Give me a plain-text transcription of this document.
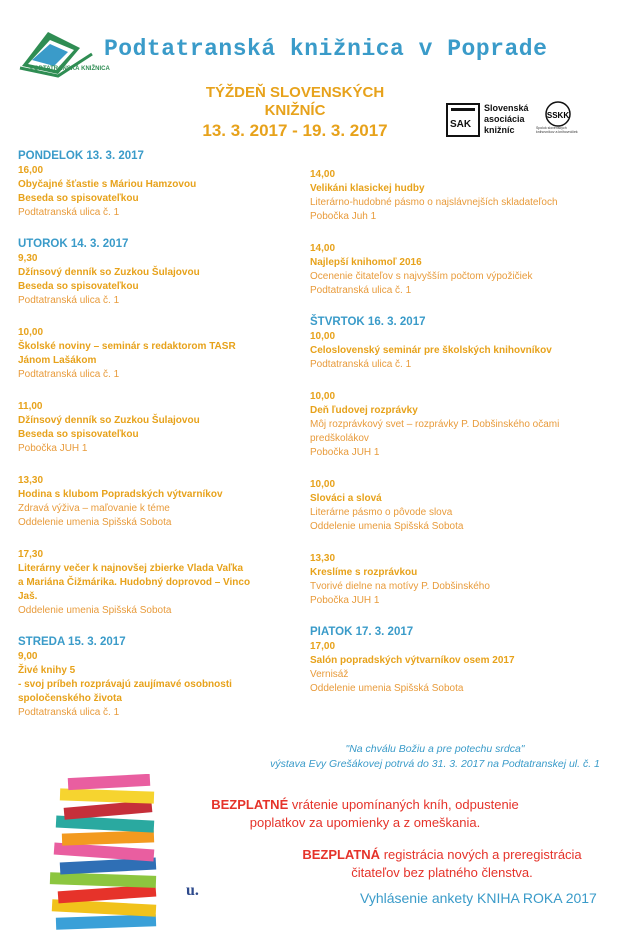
PODTATRANSKÁ KNIŽNICA
Podtatranská knižnica v Poprade
TÝŽDEŇ SLOVENSKÝCH KNIŽNÍC
13. 3. 2017 - 19. 3. 2017	SAK
Slovenská
asociácia
knižníc
SSKK
Spolok slovenských knihovníkov a knihovníčiek
PONDELOK 13. 3. 2017
16,00
Obyčajné šťastie s Máriou Hamzovou
Beseda so spisovateľkou
Podtatranská ulica č. 1
UTOROK 14. 3. 2017
9,30
Džínsový denník so Zuzkou Šulajovou
Beseda so spisovateľkou
Podtatranská ulica č. 1
10,00
Školské noviny – seminár s redaktorom TASR
Jánom Lašákom
Podtatranská ulica č. 1
11,00
Džínsový denník so Zuzkou Šulajovou
Beseda so spisovateľkou
Pobočka JUH 1
13,30
Hodina s klubom Popradských výtvarníkov
Zdravá výživa – maľovanie k téme
Oddelenie umenia Spišská Sobota
17,30
Literárny večer k najnovšej zbierke Vlada Vaľka
a Mariána Čižmárika. Hudobný doprovod – Vinco
Jaš.
Oddelenie umenia Spišská Sobota
STREDA 15. 3. 2017
9,00
Živé knihy 5
- svoj príbeh rozprávajú zaujímavé osobnosti
spoločenského života
Podtatranská ulica č. 1
14,00
Velikáni klasickej hudby
Literárno-hudobné pásmo o najslávnejších skladateľoch
Pobočka Juh 1
14,00
Najlepší knihomoľ 2016
Ocenenie čitateľov s najvyšším počtom výpožičiek
Podtatranská ulica č. 1
ŠTVRTOK 16. 3. 2017
10,00
Celoslovenský seminár pre školských knihovníkov
Podtatranská ulica č. 1
10,00
Deň ľudovej rozprávky
Môj rozprávkový svet – rozprávky P. Dobšinského očami
predškolákov
Pobočka JUH 1
10,00
Slováci a slová
Literárne pásmo o pôvode slova
Oddelenie umenia Spišská Sobota
13,30
Kreslíme s rozprávkou
Tvorivé dielne na motívy P. Dobšinského
Pobočka JUH 1
PIATOK 17. 3. 2017
17,00
Salón popradských výtvarníkov osem 2017
Vernisáž
Oddelenie umenia Spišská Sobota
"Na chválu Božiu a pre potechu srdca"
výstava Evy Grešákovej potrvá do 31. 3. 2017 na Podtatranskej ul. č. 1
u.
BEZPLATNÉ vrátenie upomínaných kníh, odpustenie
poplatkov za upomienky a z omeškania.
BEZPLATNÁ registrácia nových a preregistrácia
čitateľov bez platného členstva.
Vyhlásenie ankety KNIHA ROKA 2017
